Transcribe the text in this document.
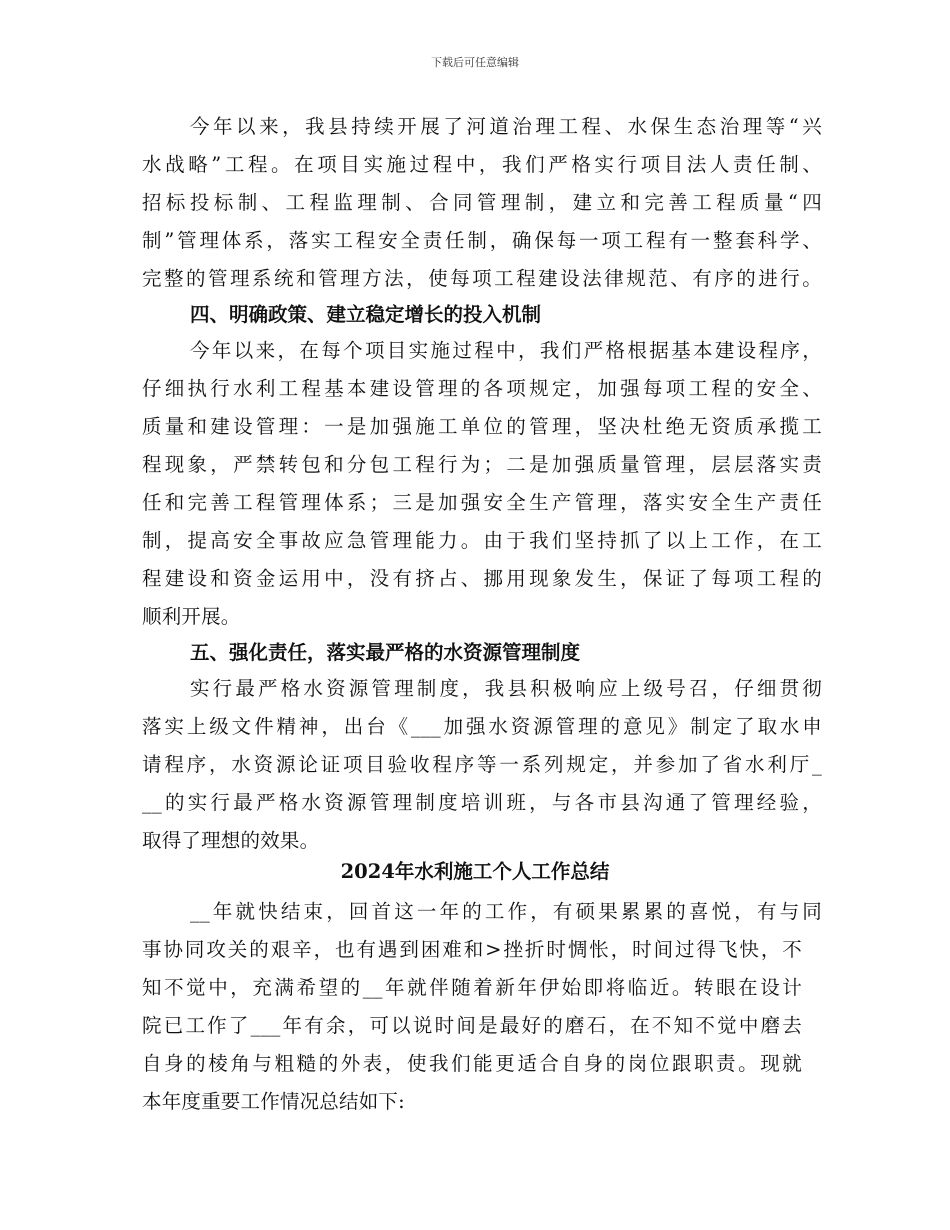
下载后可任意编辑
今年以来，我县持续开展了河道治理工程、水保生态治理等“兴
水战略”工程。在项目实施过程中，我们严格实行项目法人责任制、
招标投标制、工程监理制、合同管理制，建立和完善工程质量“四
制”管理体系，落实工程安全责任制，确保每一项工程有一整套科学、
完整的管理系统和管理方法，使每项工程建设法律规范、有序的进行。
四、明确政策、建立稳定增长的投入机制
今年以来，在每个项目实施过程中，我们严格根据基本建设程序，
仔细执行水利工程基本建设管理的各项规定，加强每项工程的安全、
质量和建设管理：一是加强施工单位的管理，坚决杜绝无资质承揽工
程现象，严禁转包和分包工程行为；二是加强质量管理，层层落实责
任和完善工程管理体系；三是加强安全生产管理，落实安全生产责任
制，提高安全事故应急管理能力。由于我们坚持抓了以上工作，在工
程建设和资金运用中，没有挤占、挪用现象发生，保证了每项工程的
顺利开展。
五、强化责任，落实最严格的水资源管理制度
实行最严格水资源管理制度，我县积极响应上级号召，仔细贯彻
落实上级文件精神，出台《___加强水资源管理的意见》制定了取水申
请程序，水资源论证项目验收程序等一系列规定，并参加了省水利厅_
__的实行最严格水资源管理制度培训班，与各市县沟通了管理经验，
取得了理想的效果。
2024年水利施工个人工作总结
__年就快结束，回首这一年的工作，有硕果累累的喜悦，有与同
事协同攻关的艰辛，也有遇到困难和>挫折时惆怅，时间过得飞快，不
知不觉中，充满希望的__年就伴随着新年伊始即将临近。转眼在设计
院已工作了___年有余，可以说时间是最好的磨石，在不知不觉中磨去
自身的棱角与粗糙的外表，使我们能更适合自身的岗位跟职责。现就
本年度重要工作情况总结如下:
